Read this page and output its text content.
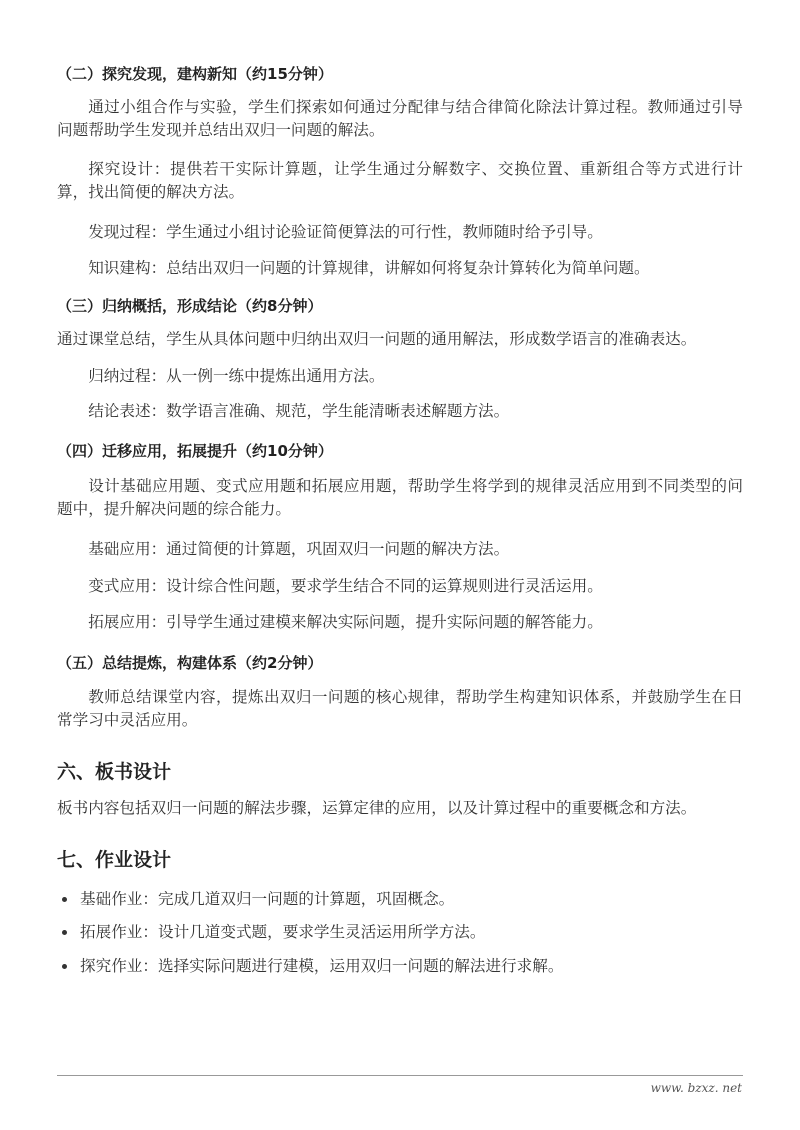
bzxz.net
（二）探究发现，建构新知（约15分钟）
通过小组合作与实验，学生们探索如何通过分配律与结合律简化除法计算过程。教师通过引导问题帮助学生发现并总结出双归一问题的解法。
探究设计：提供若干实际计算题，让学生通过分解数字、交换位置、重新组合等方式进行计算，找出简便的解决方法。
发现过程：学生通过小组讨论验证简便算法的可行性，教师随时给予引导。
知识建构：总结出双归一问题的计算规律，讲解如何将复杂计算转化为简单问题。
（三）归纳概括，形成结论（约8分钟）
通过课堂总结，学生从具体问题中归纳出双归一问题的通用解法，形成数学语言的准确表达。
归纳过程：从一例一练中提炼出通用方法。
结论表述：数学语言准确、规范，学生能清晰表述解题方法。
（四）迁移应用，拓展提升（约10分钟）
设计基础应用题、变式应用题和拓展应用题，帮助学生将学到的规律灵活应用到不同类型的问题中，提升解决问题的综合能力。
基础应用：通过简便的计算题，巩固双归一问题的解决方法。
变式应用：设计综合性问题，要求学生结合不同的运算规则进行灵活运用。
拓展应用：引导学生通过建模来解决实际问题，提升实际问题的解答能力。
（五）总结提炼，构建体系（约2分钟）
教师总结课堂内容，提炼出双归一问题的核心规律，帮助学生构建知识体系，并鼓励学生在日常学习中灵活应用。
六、板书设计
板书内容包括双归一问题的解法步骤，运算定律的应用，以及计算过程中的重要概念和方法。
七、作业设计
基础作业：完成几道双归一问题的计算题，巩固概念。
拓展作业：设计几道变式题，要求学生灵活运用所学方法。
探究作业：选择实际问题进行建模，运用双归一问题的解法进行求解。
www. bzxz. net
